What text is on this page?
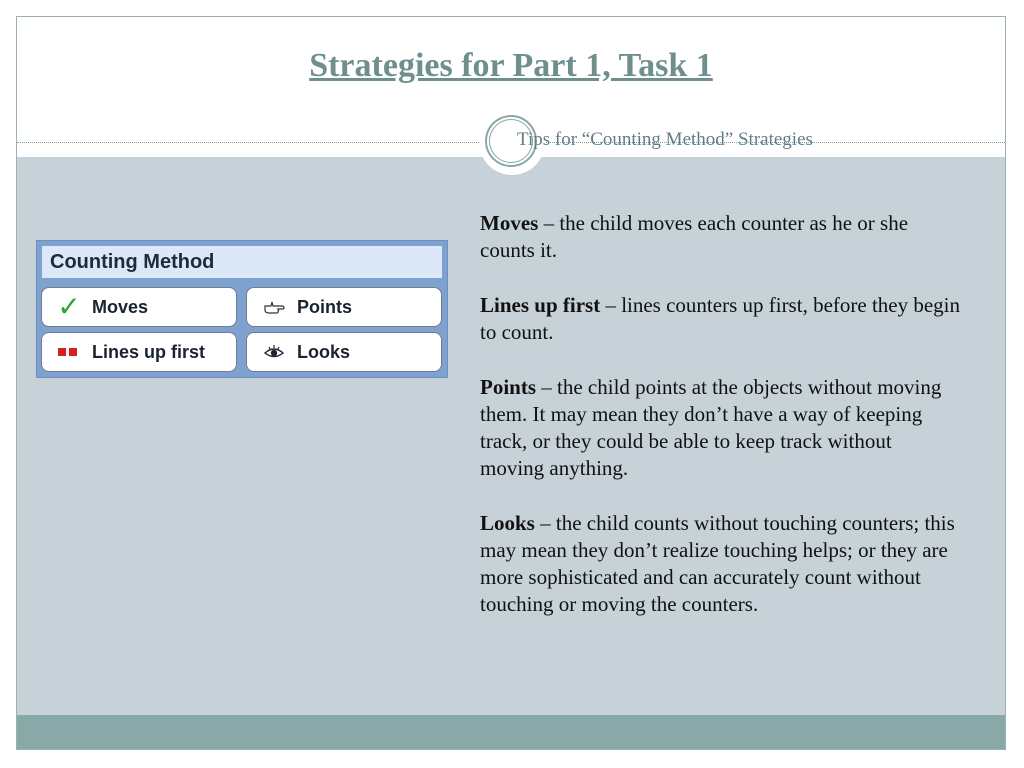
Strategies for Part 1, Task 1
Tips for “Counting Method” Strategies
Counting Method
✓ Moves	Points
Lines up first	Looks

Moves – the child moves each counter as he or she counts it.

Lines up first – lines counters up first, before they begin to count.

Points – the child points at the objects without moving them. It may mean they don’t have a way of keeping track, or they could be able to keep track without moving anything.

Looks – the child counts without touching counters; this may mean they don’t realize touching helps; or they are more sophisticated and can accurately count without touching or moving the counters.
